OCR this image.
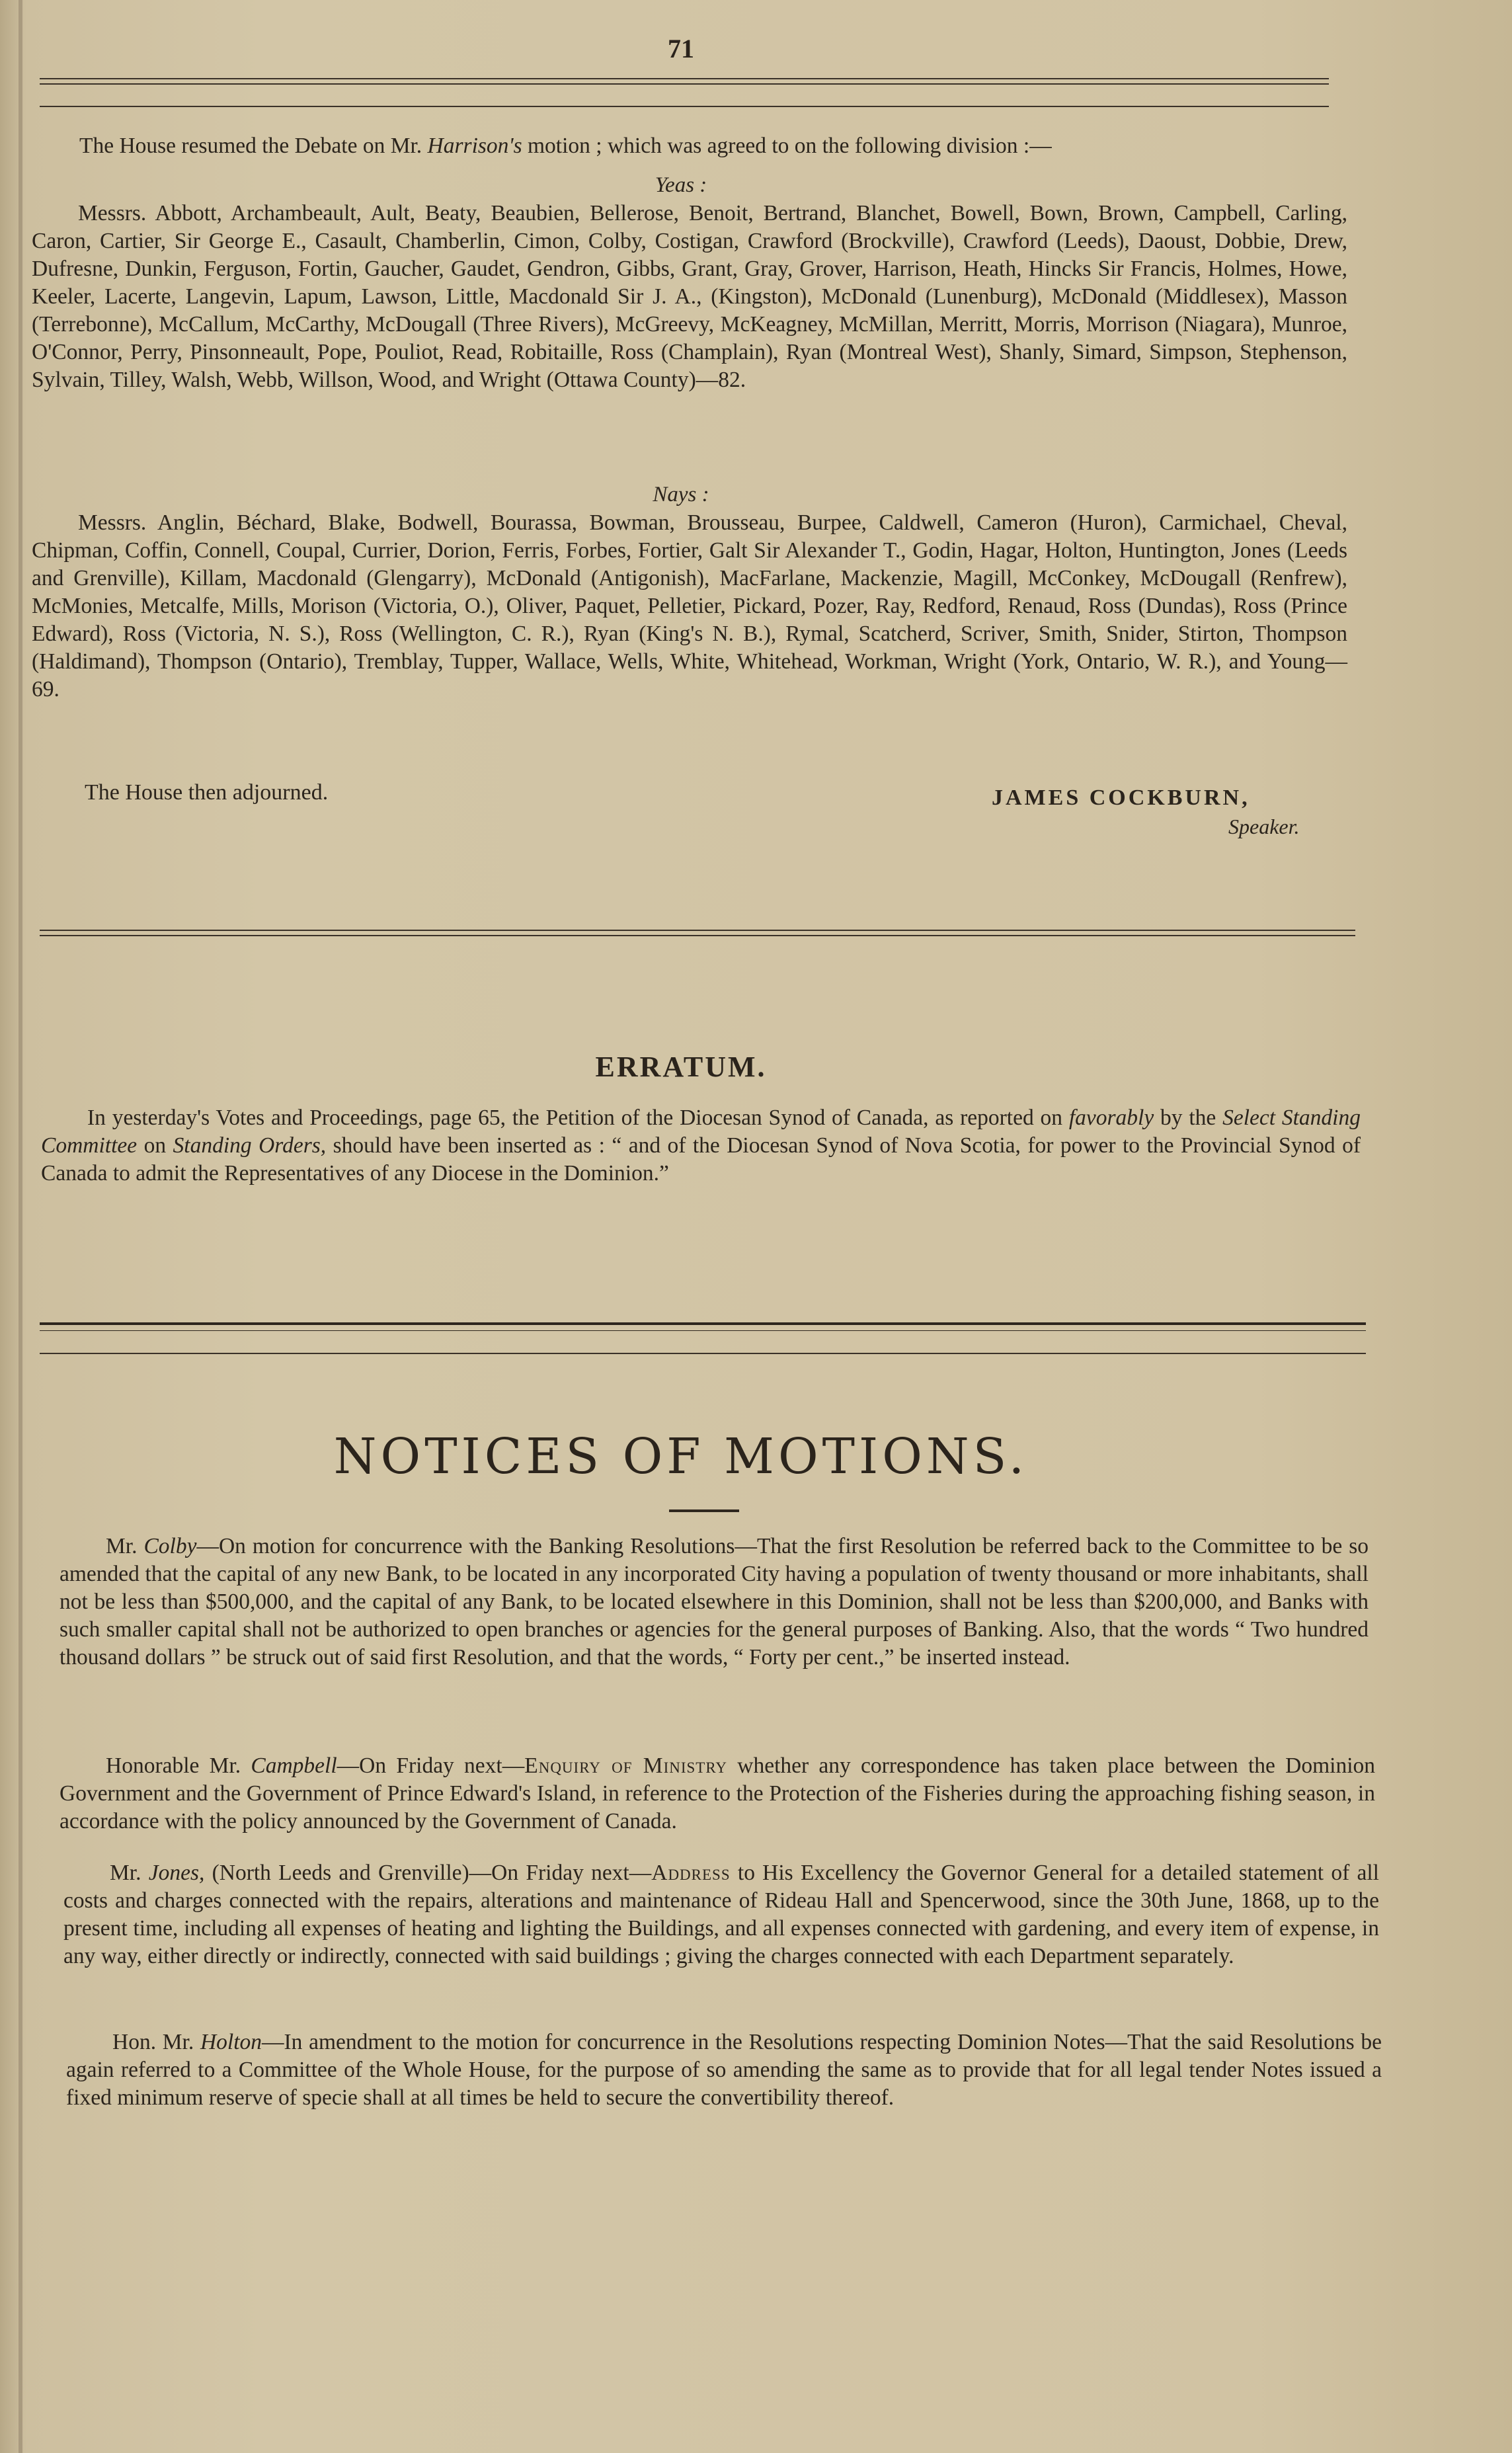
71

The House resumed the Debate on Mr. Harrison's motion ; which was agreed to on the following division :—

Yeas :

Messrs. Abbott, Archambeault, Ault, Beaty, Beaubien, Bellerose, Benoit, Bertrand, Blanchet, Bowell, Bown, Brown, Campbell, Carling, Caron, Cartier, Sir George E., Casault, Chamberlin, Cimon, Colby, Costigan, Crawford (Brockville), Crawford (Leeds), Daoust, Dobbie, Drew, Dufresne, Dunkin, Ferguson, Fortin, Gaucher, Gaudet, Gendron, Gibbs, Grant, Gray, Grover, Harrison, Heath, Hincks Sir Francis, Holmes, Howe, Keeler, Lacerte, Langevin, Lapum, Lawson, Little, Macdonald Sir J. A., (Kingston), McDonald (Lunenburg), McDonald (Middlesex), Masson (Terrebonne), McCallum, McCarthy, McDougall (Three Rivers), McGreevy, McKeagney, McMillan, Merritt, Morris, Morrison (Niagara), Munroe, O'Connor, Perry, Pinsonneault, Pope, Pouliot, Read, Robitaille, Ross (Champlain), Ryan (Montreal West), Shanly, Simard, Simpson, Stephenson, Sylvain, Tilley, Walsh, Webb, Willson, Wood, and Wright (Ottawa County)—82.

Nays :

Messrs. Anglin, Béchard, Blake, Bodwell, Bourassa, Bowman, Brousseau, Burpee, Caldwell, Cameron (Huron), Carmichael, Cheval, Chipman, Coffin, Connell, Coupal, Currier, Dorion, Ferris, Forbes, Fortier, Galt Sir Alexander T., Godin, Hagar, Holton, Huntington, Jones (Leeds and Grenville), Killam, Macdonald (Glengarry), McDonald (Antigonish), MacFarlane, Mackenzie, Magill, McConkey, McDougall (Renfrew), McMonies, Metcalfe, Mills, Morison (Victoria, O.), Oliver, Paquet, Pelletier, Pickard, Pozer, Ray, Redford, Renaud, Ross (Dundas), Ross (Prince Edward), Ross (Victoria, N. S.), Ross (Wellington, C. R.), Ryan (King's N. B.), Rymal, Scatcherd, Scriver, Smith, Snider, Stirton, Thompson (Haldimand), Thompson (Ontario), Tremblay, Tupper, Wallace, Wells, White, Whitehead, Workman, Wright (York, Ontario, W. R.), and Young—69.

The House then adjourned.	JAMES COCKBURN,
Speaker.
ERRATUM.

In yesterday's Votes and Proceedings, page 65, the Petition of the Diocesan Synod of Canada, as reported on favorably by the Select Standing Committee on Standing Orders, should have been inserted as : “ and of the Diocesan Synod of Nova Scotia, for power to the Provincial Synod of Canada to admit the Representatives of any Diocese in the Dominion.”

NOTICES OF MOTIONS.

Mr. Colby—On motion for concurrence with the Banking Resolutions—That the first Resolution be referred back to the Committee to be so amended that the capital of any new Bank, to be located in any incorporated City having a population of twenty thousand or more inhabitants, shall not be less than $500,000, and the capital of any Bank, to be located elsewhere in this Dominion, shall not be less than $200,000, and Banks with such smaller capital shall not be authorized to open branches or agencies for the general purposes of Banking. Also, that the words “ Two hundred thousand dollars ” be struck out of said first Resolution, and that the words, “ Forty per cent.,” be inserted instead.

Honorable Mr. Campbell—On Friday next—Enquiry of Ministry whether any correspondence has taken place between the Dominion Government and the Government of Prince Edward's Island, in reference to the Protection of the Fisheries during the approaching fishing season, in accordance with the policy announced by the Government of Canada.

Mr. Jones, (North Leeds and Grenville)—On Friday next—Address to His Excellency the Governor General for a detailed statement of all costs and charges connected with the repairs, alterations and maintenance of Rideau Hall and Spencerwood, since the 30th June, 1868, up to the present time, including all expenses of heating and lighting the Buildings, and all expenses connected with gardening, and every item of expense, in any way, either directly or indirectly, connected with said buildings ; giving the charges connected with each Department separately.

Hon. Mr. Holton—In amendment to the motion for concurrence in the Resolutions respecting Dominion Notes—That the said Resolutions be again referred to a Committee of the Whole House, for the purpose of so amending the same as to provide that for all legal tender Notes issued a fixed minimum reserve of specie shall at all times be held to secure the convertibility thereof.
